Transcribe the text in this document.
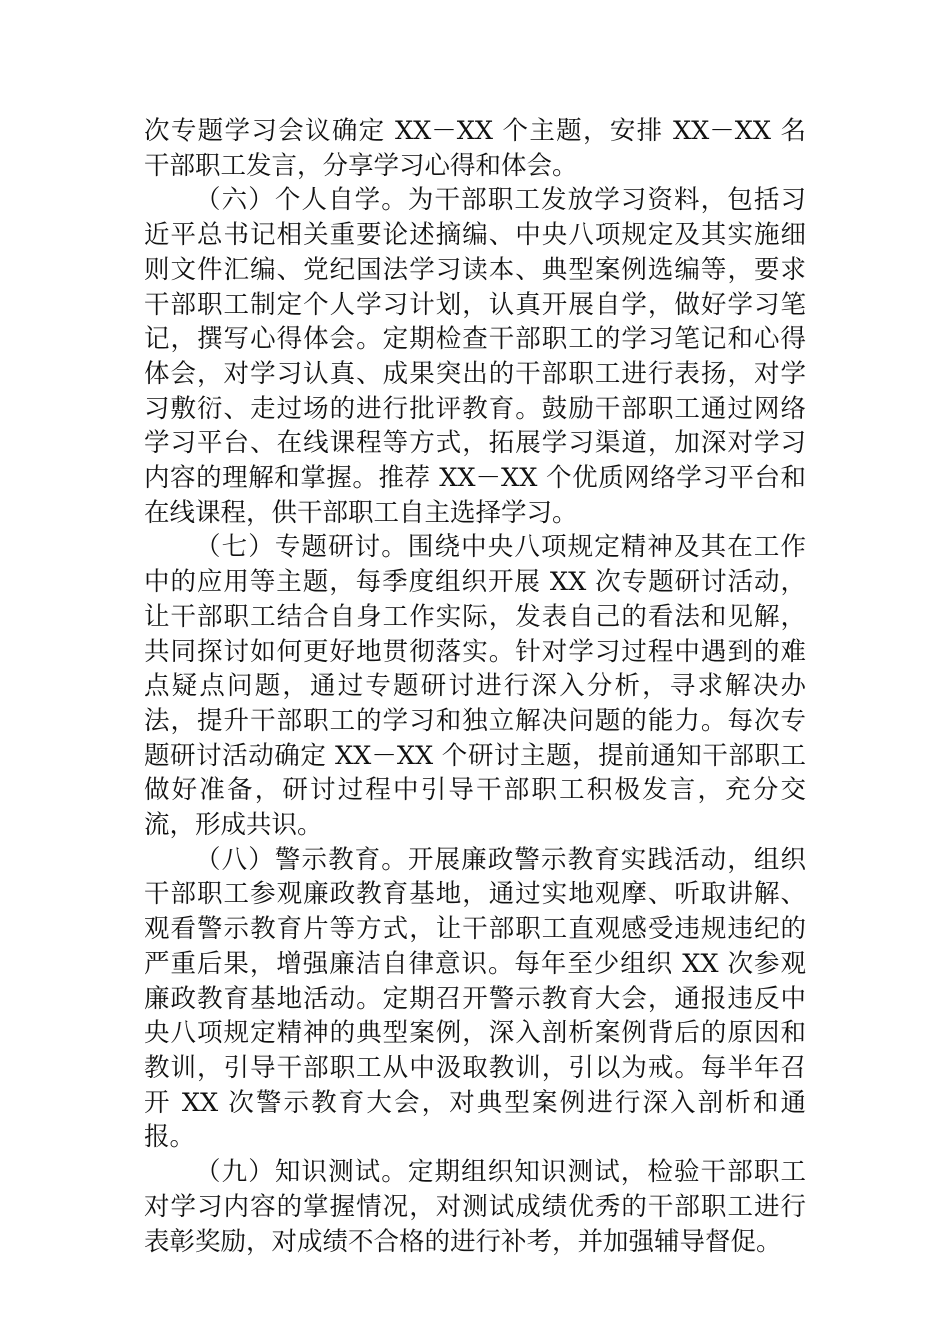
次专题学习会议确定 XX－XX 个主题，安排 XX－XX 名干部职工发言，分享学习心得和体会。

（六）个人自学。为干部职工发放学习资料，包括习近平总书记相关重要论述摘编、中央八项规定及其实施细则文件汇编、党纪国法学习读本、典型案例选编等，要求干部职工制定个人学习计划，认真开展自学，做好学习笔记，撰写心得体会。定期检查干部职工的学习笔记和心得体会，对学习认真、成果突出的干部职工进行表扬，对学习敷衍、走过场的进行批评教育。鼓励干部职工通过网络学习平台、在线课程等方式，拓展学习渠道，加深对学习内容的理解和掌握。推荐 XX－XX 个优质网络学习平台和在线课程，供干部职工自主选择学习。

（七）专题研讨。围绕中央八项规定精神及其在工作中的应用等主题，每季度组织开展 XX 次专题研讨活动，让干部职工结合自身工作实际，发表自己的看法和见解，共同探讨如何更好地贯彻落实。针对学习过程中遇到的难点疑点问题，通过专题研讨进行深入分析，寻求解决办法，提升干部职工的学习和独立解决问题的能力。每次专题研讨活动确定 XX－XX 个研讨主题，提前通知干部职工做好准备，研讨过程中引导干部职工积极发言，充分交流，形成共识。

（八）警示教育。开展廉政警示教育实践活动，组织干部职工参观廉政教育基地，通过实地观摩、听取讲解、观看警示教育片等方式，让干部职工直观感受违规违纪的严重后果，增强廉洁自律意识。每年至少组织 XX 次参观廉政教育基地活动。定期召开警示教育大会，通报违反中央八项规定精神的典型案例，深入剖析案例背后的原因和教训，引导干部职工从中汲取教训，引以为戒。每半年召开 XX 次警示教育大会，对典型案例进行深入剖析和通报。

（九）知识测试。定期组织知识测试，检验干部职工对学习内容的掌握情况，对测试成绩优秀的干部职工进行表彰奖励，对成绩不合格的进行补考，并加强辅导督促。
